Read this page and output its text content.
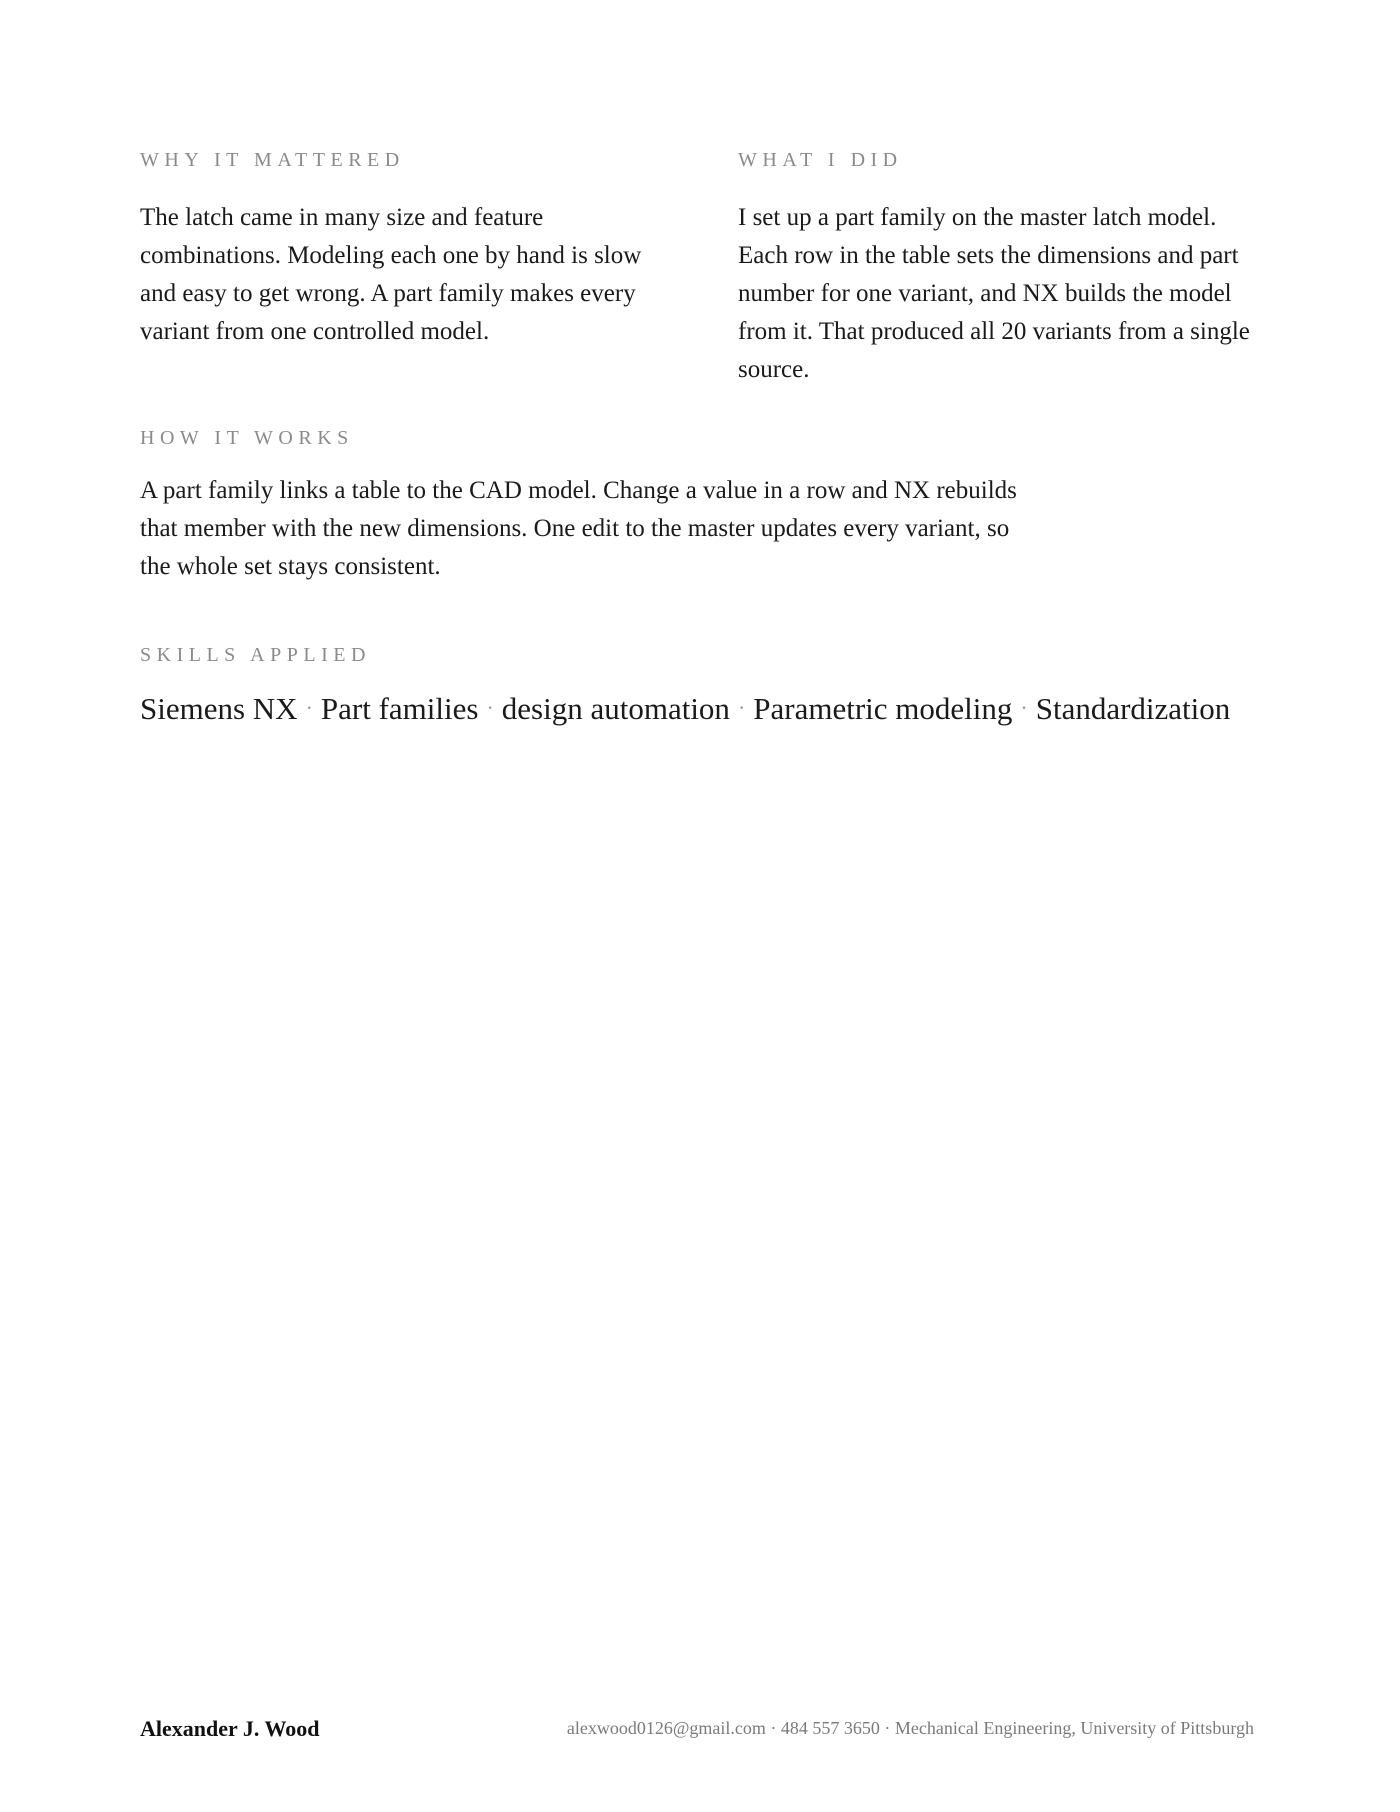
WHY IT MATTERED

The latch came in many size and feature combinations. Modeling each one by hand is slow and easy to get wrong. A part family makes every variant from one controlled model.

WHAT I DID

I set up a part family on the master latch model. Each row in the table sets the dimensions and part number for one variant, and NX builds the model from it. That produced all 20 variants from a single source.

HOW IT WORKS

A part family links a table to the CAD model. Change a value in a row and NX rebuilds that member with the new dimensions. One edit to the master updates every variant, so the whole set stays consistent.

SKILLS APPLIED

Siemens NX · Part families · design automation · Parametric modeling · Standardization
Alexander J. Wood	alexwood0126@gmail.com · 484 557 3650 · Mechanical Engineering, University of Pittsburgh
